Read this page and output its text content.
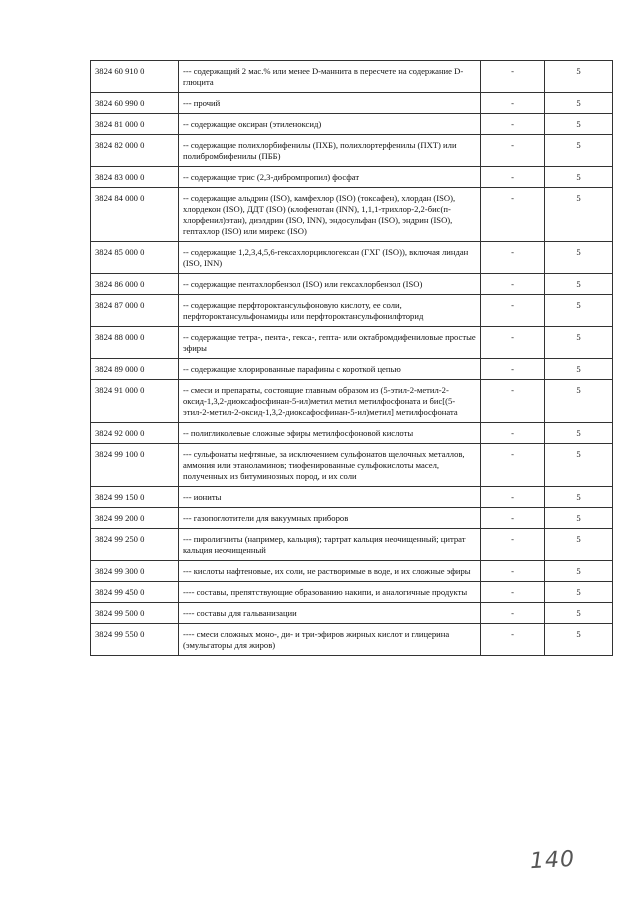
3824 60 910 0	--- содержащий 2 мас.% или менее D-маннита в пересчете на содержание D-глюцита	-	5
3824 60 990 0	--- прочий	-	5
3824 81 000 0	-- содержащие оксиран (этиленоксид)	-	5
3824 82 000 0	-- содержащие полихлорбифенилы (ПХБ), полихлортерфенилы (ПХТ) или полибромбифенилы (ПББ)	-	5
3824 83 000 0	-- содержащие трис (2,3-дибромпропил) фосфат	-	5
3824 84 000 0	-- содержащие альдрин (ISO), камфехлор (ISO) (токсафен), хлордан (ISO), хлордекон (ISO), ДДТ (ISO) (клофенотан (INN), 1,1,1-трихлор-2,2-бис(п-хлорфенил)этан), диэлдрин (ISO, INN), эндосульфан (ISO), эндрин (ISO), гептахлор (ISO) или мирекс (ISO)	-	5
3824 85 000 0	-- содержащие 1,2,3,4,5,6-гексахлорциклогексан (ГХГ (ISO)), включая линдан (ISO, INN)	-	5
3824 86 000 0	-- содержащие пентахлорбензол (ISO) или гексахлорбензол (ISO)	-	5
3824 87 000 0	-- содержащие перфтороктансульфоновую кислоту, ее соли, перфтороктансульфонамиды или перфтороктансульфонилфторид	-	5
3824 88 000 0	-- содержащие тетра-, пента-, гекса-, гепта- или октабромдифениловые простые эфиры	-	5
3824 89 000 0	-- содержащие хлорированные парафины с короткой цепью	-	5
3824 91 000 0	-- смеси и препараты, состоящие главным образом из (5-этил-2-метил-2-оксид-1,3,2-диоксафосфинан-5-ил)метил метил метилфосфоната и бис[(5-этил-2-метил-2-оксид-1,3,2-диоксафосфинан-5-ил)метил] метилфосфоната	-	5
3824 92 000 0	-- полигликолевые сложные эфиры метилфосфоновой кислоты	-	5
3824 99 100 0	--- сульфонаты нефтяные, за исключением сульфонатов щелочных металлов, аммония или этаноламинов; тиофенированные сульфокислоты масел, полученных из битуминозных пород, и их соли	-	5
3824 99 150 0	--- иониты	-	5
3824 99 200 0	--- газопоглотители для вакуумных приборов	-	5
3824 99 250 0	--- пиролигниты (например, кальция); тартрат кальция неочищенный; цитрат кальция неочищенный	-	5
3824 99 300 0	--- кислоты нафтеновые, их соли, не растворимые в воде, и их сложные эфиры	-	5
3824 99 450 0	---- составы, препятствующие образованию накипи, и аналогичные продукты	-	5
3824 99 500 0	---- составы для гальванизации	-	5
3824 99 550 0	---- смеси сложных моно-, ди- и три-эфиров жирных кислот и глицерина (эмульгаторы для жиров)	-	5
140
